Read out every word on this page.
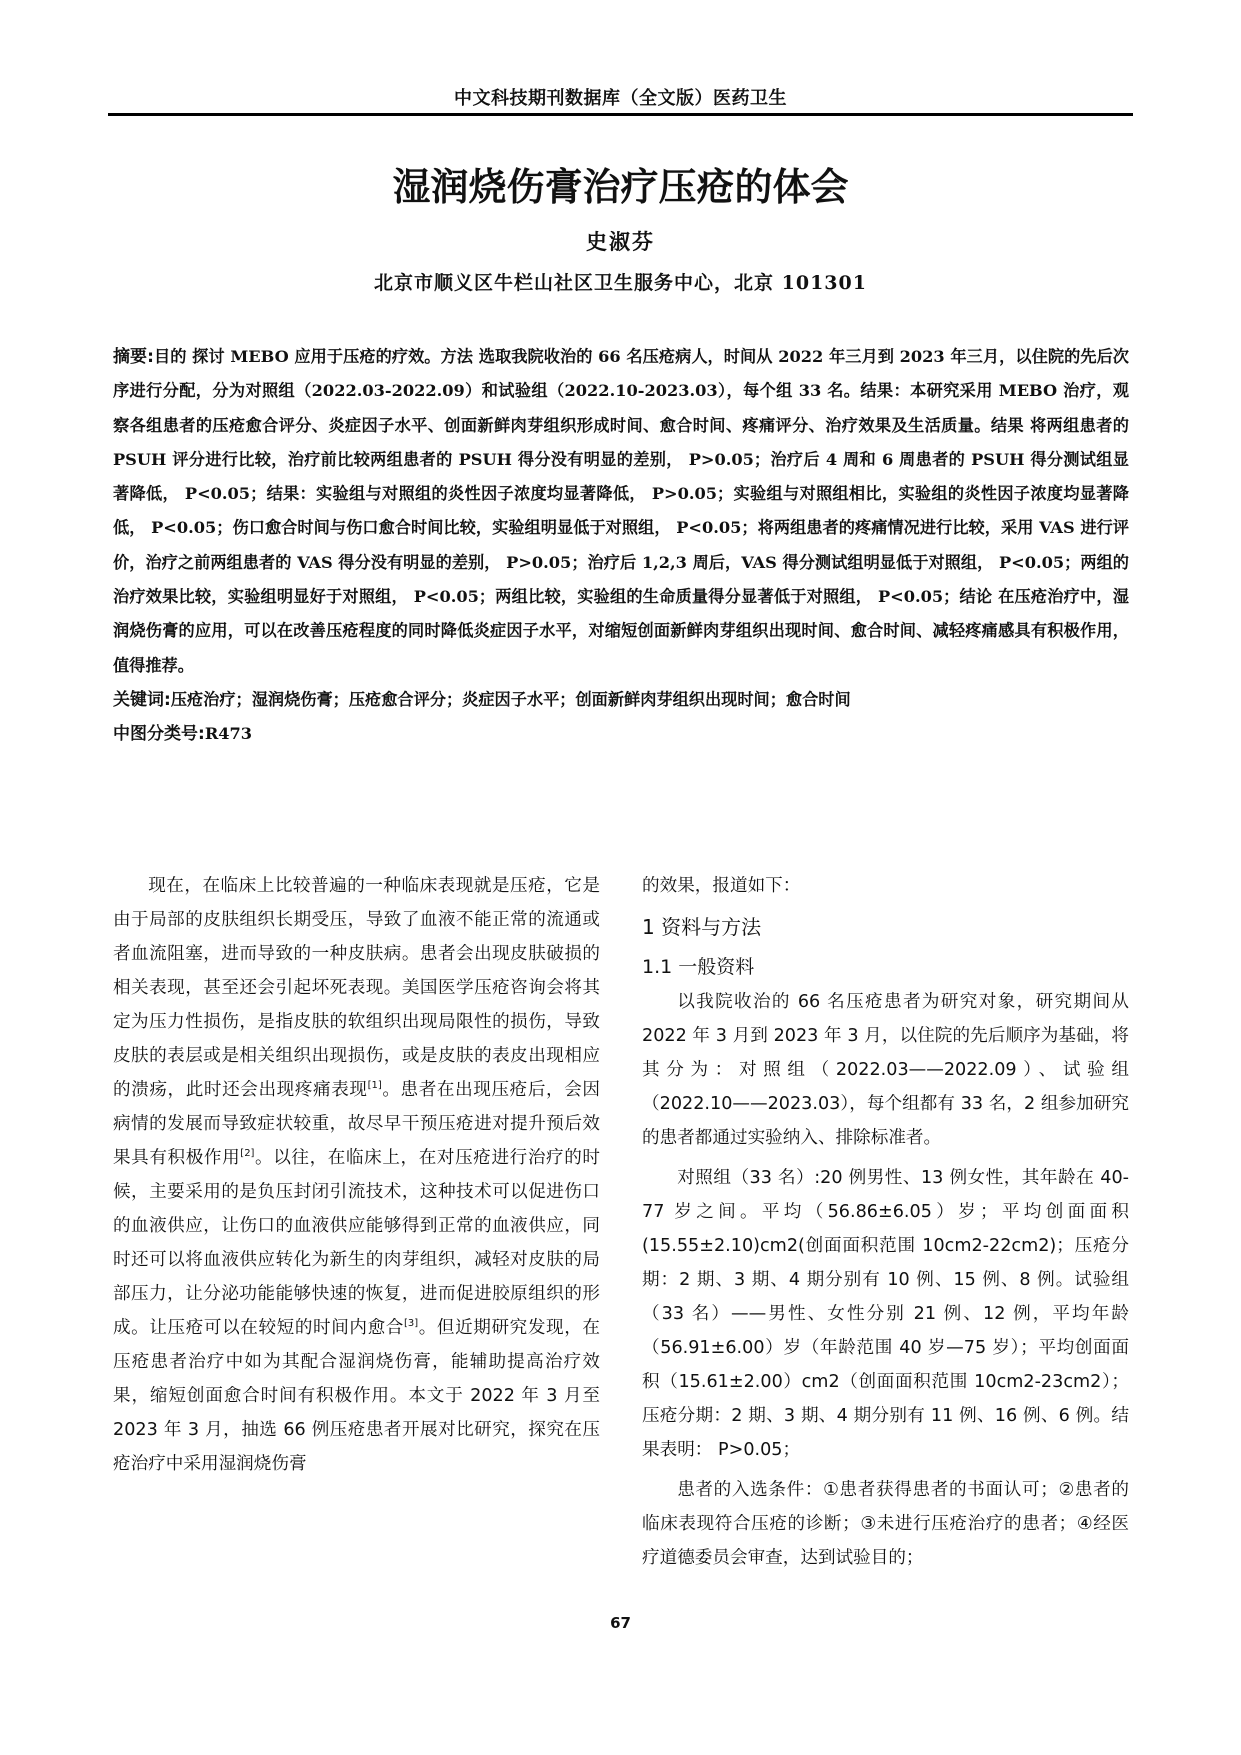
中文科技期刊数据库（全文版）医药卫生
湿润烧伤膏治疗压疮的体会
史淑芬
北京市顺义区牛栏山社区卫生服务中心，北京 101301

摘要:目的 探讨 MEBO 应用于压疮的疗效。方法 选取我院收治的 66 名压疮病人，时间从 2022 年三月到 2023 年三月，以住院的先后次序进行分配，分为对照组（2022.03-2022.09）和试验组（2022.10-2023.03），每个组 33 名。结果：本研究采用 MEBO 治疗，观察各组患者的压疮愈合评分、炎症因子水平、创面新鲜肉芽组织形成时间、愈合时间、疼痛评分、治疗效果及生活质量。结果 将两组患者的 PSUH 评分进行比较，治疗前比较两组患者的 PSUH 得分没有明显的差别， P>0.05；治疗后 4 周和 6 周患者的 PSUH 得分测试组显著降低， P<0.05；结果：实验组与对照组的炎性因子浓度均显著降低， P>0.05；实验组与对照组相比，实验组的炎性因子浓度均显著降低， P<0.05；伤口愈合时间与伤口愈合时间比较，实验组明显低于对照组， P<0.05；将两组患者的疼痛情况进行比较，采用 VAS 进行评价，治疗之前两组患者的 VAS 得分没有明显的差别， P>0.05；治疗后 1,2,3 周后，VAS 得分测试组明显低于对照组， P<0.05；两组的治疗效果比较，实验组明显好于对照组， P<0.05；两组比较，实验组的生命质量得分显著低于对照组， P<0.05；结论 在压疮治疗中，湿润烧伤膏的应用，可以在改善压疮程度的同时降低炎症因子水平，对缩短创面新鲜肉芽组织出现时间、愈合时间、减轻疼痛感具有积极作用，值得推荐。

关键词:压疮治疗；湿润烧伤膏；压疮愈合评分；炎症因子水平；创面新鲜肉芽组织出现时间；愈合时间

中图分类号:R473

现在，在临床上比较普遍的一种临床表现就是压疮，它是由于局部的皮肤组织长期受压，导致了血液不能正常的流通或者血流阻塞，进而导致的一种皮肤病。患者会出现皮肤破损的相关表现，甚至还会引起坏死表现。美国医学压疮咨询会将其定为压力性损伤，是指皮肤的软组织出现局限性的损伤，导致皮肤的表层或是相关组织出现损伤，或是皮肤的表皮出现相应的溃疡，此时还会出现疼痛表现[1]。患者在出现压疮后，会因病情的发展而导致症状较重，故尽早干预压疮进对提升预后效果具有积极作用[2]。以往，在临床上，在对压疮进行治疗的时候，主要采用的是负压封闭引流技术，这种技术可以促进伤口的血液供应，让伤口的血液供应能够得到正常的血液供应，同时还可以将血液供应转化为新生的肉芽组织，减轻对皮肤的局部压力，让分泌功能能够快速的恢复，进而促进胶原组织的形成。让压疮可以在较短的时间内愈合[3]。但近期研究发现，在压疮患者治疗中如为其配合湿润烧伤膏，能辅助提高治疗效果，缩短创面愈合时间有积极作用。本文于 2022 年 3 月至 2023 年 3 月，抽选 66 例压疮患者开展对比研究，探究在压疮治疗中采用湿润烧伤膏

的效果，报道如下：

1 资料与方法

1.1 一般资料

以我院收治的 66 名压疮患者为研究对象，研究期间从 2022 年 3 月到 2023 年 3 月，以住院的先后顺序为基础，将其分为：对照组（2022.03——2022.09）、试验组（2022.10——2023.03），每个组都有 33 名，2 组参加研究的患者都通过实验纳入、排除标准者。

对照组（33 名）:20 例男性、13 例女性，其年龄在 40-77 岁之间。平均（56.86±6.05）岁；平均创面面积(15.55±2.10)cm2(创面面积范围 10cm2-22cm2)；压疮分期：2 期、3 期、4 期分别有 10 例、15 例、8 例。试验组（33 名）——男性、女性分别 21 例、12 例，平均年龄（56.91±6.00）岁（年龄范围 40 岁—75 岁）；平均创面面积（15.61±2.00）cm2（创面面积范围 10cm2-23cm2）；压疮分期：2 期、3 期、4 期分别有 11 例、16 例、6 例。结果表明： P>0.05；

患者的入选条件：①患者获得患者的书面认可；②患者的临床表现符合压疮的诊断；③未进行压疮治疗的患者；④经医疗道德委员会审查，达到试验目的；

67
